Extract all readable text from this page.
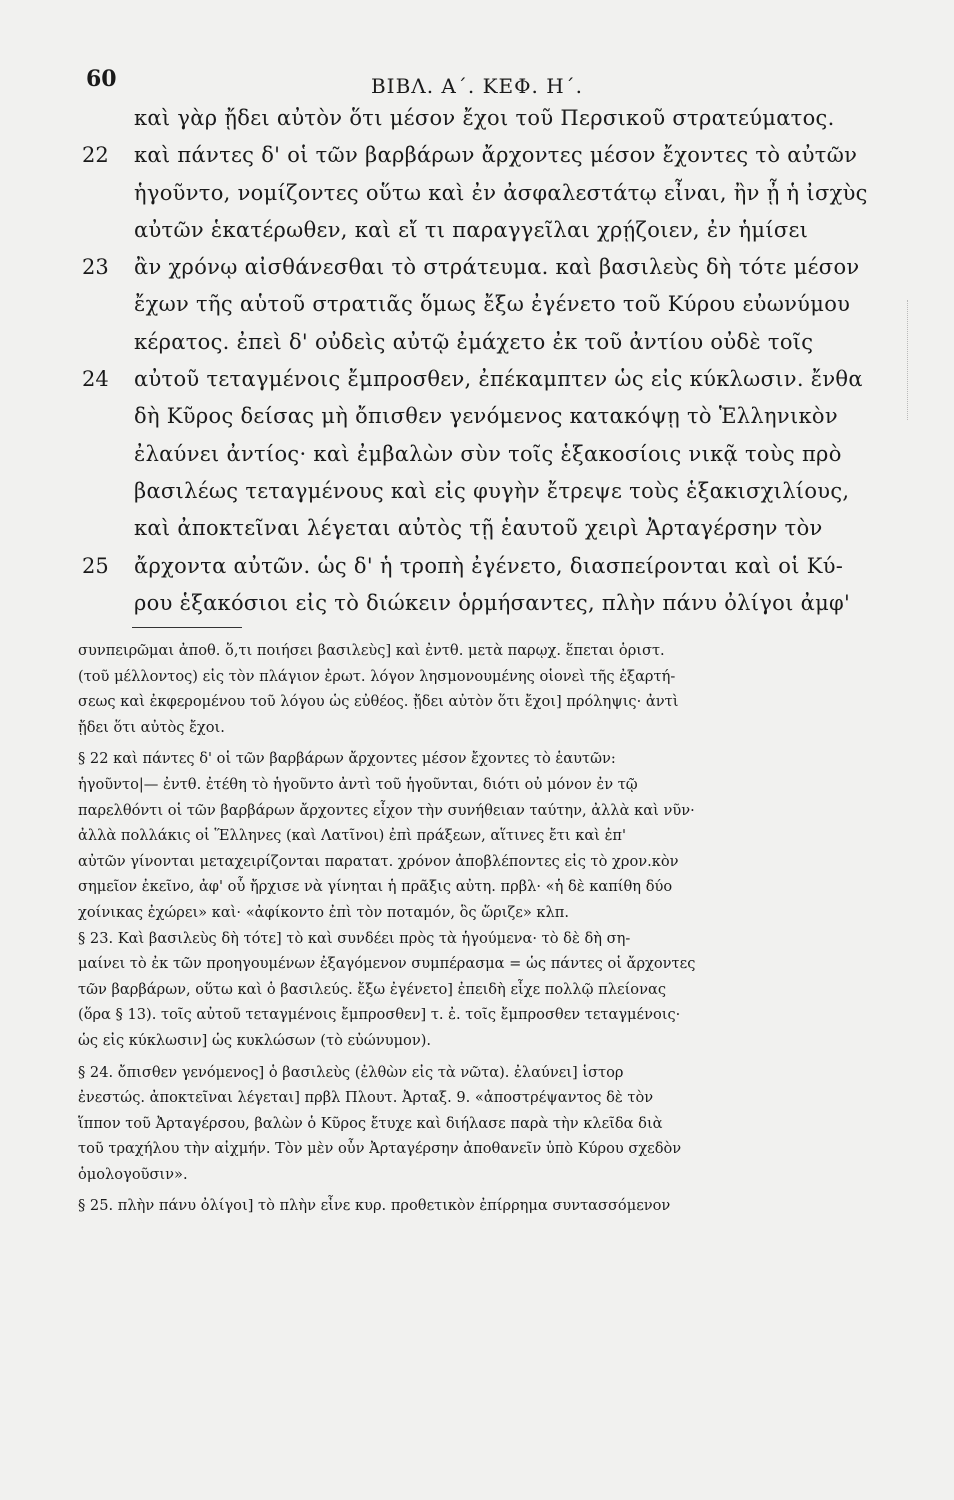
60	ΒΙΒΛ. Α΄. ΚΕΦ. Η΄.
καὶ γὰρ ᾔδει αὐτὸν ὅτι μέσον ἔχοι τοῦ Περσικοῦ στρατεύματος.
22	καὶ πάντες δ' οἱ τῶν βαρβάρων ἄρχοντες μέσον ἔχοντες τὸ αὐτῶν
ἡγοῦντο, νομίζοντες οὕτω καὶ ἐν ἀσφαλεστάτῳ εἶναι, ἢν ᾖ ἡ ἰσχὺς
αὐτῶν ἑκατέρωθεν, καὶ εἴ τι παραγγεῖλαι χρῄζοιεν, ἐν ἡμίσει
23	ἂν χρόνῳ αἰσθάνεσθαι τὸ στράτευμα. καὶ βασιλεὺς δὴ τότε μέσον
ἔχων τῆς αὑτοῦ στρατιᾶς ὅμως ἔξω ἐγένετο τοῦ Κύρου εὐωνύμου
κέρατος. ἐπεὶ δ' οὐδεὶς αὐτῷ ἐμάχετο ἐκ τοῦ ἀντίου οὐδὲ τοῖς
24	αὐτοῦ τεταγμένοις ἔμπροσθεν, ἐπέκαμπτεν ὡς εἰς κύκλωσιν. ἔνθα
δὴ Κῦρος δείσας μὴ ὄπισθεν γενόμενος κατακόψῃ τὸ Ἑλληνικὸν
ἐλαύνει ἀντίος· καὶ ἐμβαλὼν σὺν τοῖς ἑξακοσίοις νικᾷ τοὺς πρὸ
βασιλέως τεταγμένους καὶ εἰς φυγὴν ἔτρεψε τοὺς ἑξακισχιλίους,
καὶ ἀποκτεῖναι λέγεται αὐτὸς τῇ ἑαυτοῦ χειρὶ Ἀρταγέρσην τὸν
25	ἄρχοντα αὐτῶν. ὡς δ' ἡ τροπὴ ἐγένετο, διασπείρονται καὶ οἱ Κύ-
ρου ἑξακόσιοι εἰς τὸ διώκειν ὁρμήσαντες, πλὴν πάνυ ὀλίγοι ἀμφ'
συνπειρῶμαι ἀποθ. ὅ,τι ποιήσει βασιλεὺς] καὶ ἐντθ. μετὰ παρῳχ. ἕπεται ὁριστ.
(τοῦ μέλλοντος) εἰς τὸν πλάγιον ἐρωτ. λόγον λησμονουμένης οἱονεὶ τῆς ἐξαρτή-
σεως καὶ ἐκφερομένου τοῦ λόγου ὡς εὐθέος. ᾔδει αὐτὸν ὅτι ἔχοι] πρόληψις· ἀντὶ
ᾔδει ὅτι αὐτὸς ἔχοι.
§ 22 καὶ πάντες δ' οἱ τῶν βαρβάρων ἄρχοντες μέσον ἔχοντες τὸ ἑαυτῶν:
ἡγοῦντο|— ἐντθ. ἐτέθη τὸ ἡγοῦντο ἀντὶ τοῦ ἡγοῦνται, διότι οὐ μόνον ἐν τῷ
παρελθόντι οἱ τῶν βαρβάρων ἄρχοντες εἶχον τὴν συνήθειαν ταύτην, ἀλλὰ καὶ νῦν·
ἀλλὰ πολλάκις οἱ Ἕλληνες (καὶ Λατῖνοι) ἐπὶ πράξεων, αἵτινες ἔτι καὶ ἐπ'
αὐτῶν γίνονται μεταχειρίζονται παρατατ. χρόνον ἀποβλέποντες εἰς τὸ χρον.κὸν
σημεῖον ἐκεῖνο, ἀφ' οὗ ἤρχισε νὰ γίνηται ἡ πρᾶξις αὐτη. πρβλ· «ἡ δὲ καπίθη δύο
χοίνικας ἐχώρει» καὶ· «ἀφίκοντο ἐπὶ τὸν ποταμόν, ὃς ὥριζε» κλπ.
§ 23. Καὶ βασιλεὺς δὴ τότε] τὸ καὶ συνδέει πρὸς τὰ ἡγούμενα· τὸ δὲ δὴ ση-
μαίνει τὸ ἐκ τῶν προηγουμένων ἐξαγόμενον συμπέρασμα = ὡς πάντες οἱ ἄρχοντες
τῶν βαρβάρων, οὕτω καὶ ὁ βασιλεύς. ἔξω ἐγένετο] ἐπειδὴ εἶχε πολλῷ πλείονας
(ὅρα § 13). τοῖς αὐτοῦ τεταγμένοις ἔμπροσθεν] τ. ἐ. τοῖς ἔμπροσθεν τεταγμένοις·
ὡς εἰς κύκλωσιν] ὡς κυκλώσων (τὸ εὐώνυμον).
§ 24. ὄπισθεν γενόμενος] ὁ βασιλεὺς (ἐλθὼν εἰς τὰ νῶτα). ἐλαύνει] ἱστορ
ἐνεστώς. ἀποκτεῖναι λέγεται] πρβλ Πλουτ. Ἀρταξ. 9. «ἀποστρέψαντος δὲ τὸν
ἵππον τοῦ Ἀρταγέρσου, βαλὼν ὁ Κῦρος ἔτυχε καὶ διήλασε παρὰ τὴν κλεῖδα διὰ
τοῦ τραχήλου τὴν αἰχμήν. Τὸν μὲν οὖν Ἀρταγέρσην ἀποθανεῖν ὑπὸ Κύρου σχεδὸν
ὁμολογοῦσιν».
§ 25. πλὴν πάνυ ὀλίγοι] τὸ πλὴν εἶνε κυρ. προθετικὸν ἐπίρρημα συντασσόμενον
